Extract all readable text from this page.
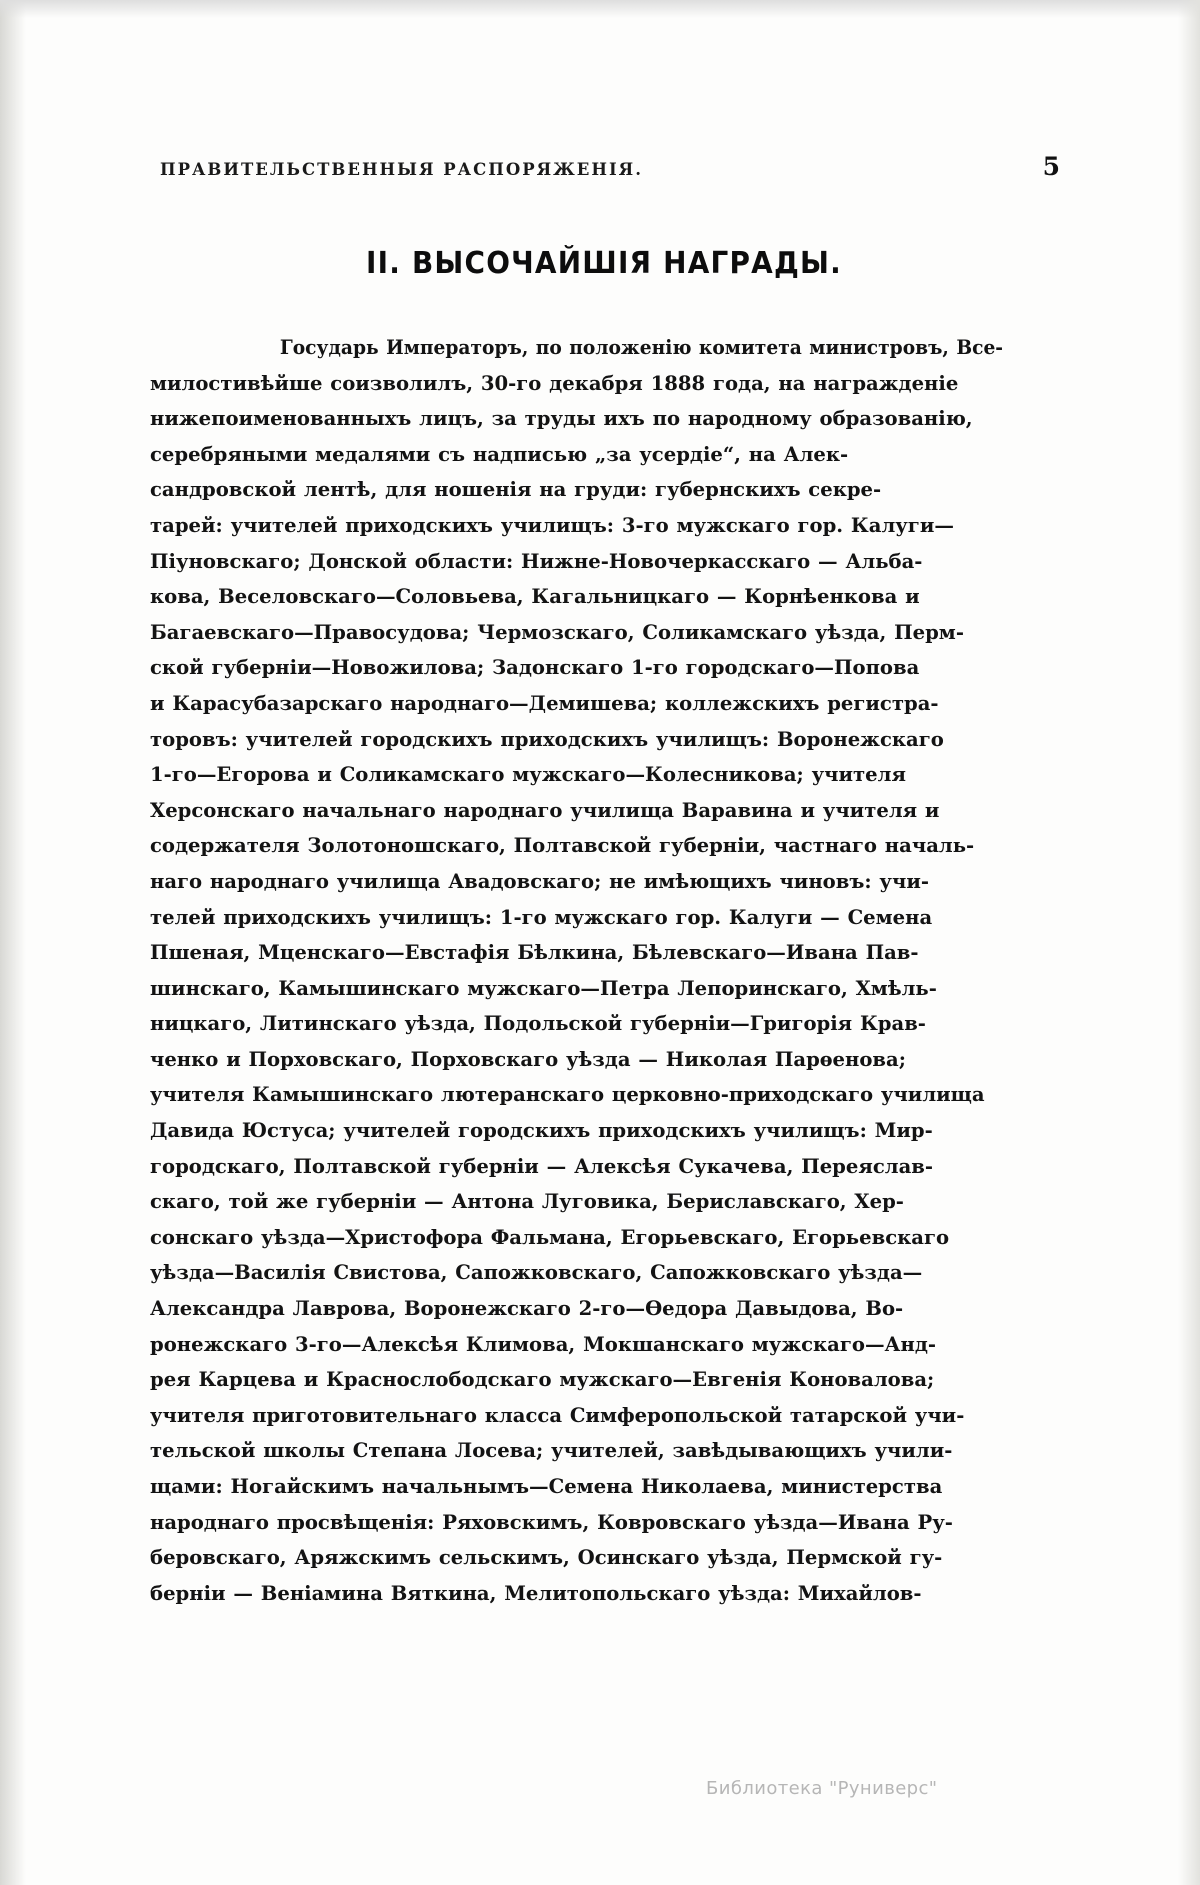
ПРАВИТЕЛЬСТВЕННЫЯ РАСПОРЯЖЕНІЯ.	5
II. ВЫСОЧАЙШІЯ НАГРАДЫ.
Государь Императоръ, по положенію комитета министровъ, Все- милостивѣйше соизволилъ, 30-го декабря 1888 года, на награжденіе нижепоименованныхъ лицъ, за труды ихъ по народному образованію, серебряными медалями съ надписью „за усердіе“, на Алек- сандровской лентѣ, для ношенія на груди: губернскихъ секре- тарей: учителей приходскихъ училищъ: 3-го мужскаго гор. Калуги— Піуновскаго; Донской области: Нижне-Новочеркасскаго — Альба- кова, Веселовскаго—Соловьева, Кагальницкаго — Корнѣенкова и Багаевскаго—Правосудова; Чермозскаго, Соликамскаго уѣзда, Перм- ской губерніи—Новожилова; Задонскаго 1-го городскаго—Попова и Карасубазарскаго народнаго—Демишева; коллежскихъ регистра- торовъ: учителей городскихъ приходскихъ училищъ: Воронежскаго 1-го—Егорова и Соликамскаго мужскаго—Колесникова; учителя Херсонскаго начальнаго народнаго училища Варавина и учителя и содержателя Золотоношскаго, Полтавской губерніи, частнаго началь- наго народнаго училища Авадовскаго; не имѣющихъ чиновъ: учи- телей приходскихъ училищъ: 1-го мужскаго гор. Калуги — Семена Пшеная, Мценскаго—Евстафія Бѣлкина, Бѣлевскаго—Ивана Пав- шинскаго, Камышинскаго мужскаго—Петра Лепоринскаго, Хмѣль- ницкаго, Литинскаго уѣзда, Подольской губерніи—Григорія Крав- ченко и Порховскаго, Порховскаго уѣзда — Николая Парѳенова; учителя Камышинскаго лютеранскаго церковно-приходскаго училища Давида Юстуса; учителей городскихъ приходскихъ училищъ: Мир- городскаго, Полтавской губерніи — Алексѣя Сукачева, Переяслав- скаго, той же губерніи — Антона Луговика, Бериславскаго, Хер- сонскаго уѣзда—Христофора Фальмана, Егорьевскаго, Егорьевскаго уѣзда—Василія Свистова, Сапожковскаго, Сапожковскаго уѣзда— Александра Лаврова, Воронежскаго 2-го—Ѳедора Давыдова, Во- ронежскаго 3-го—Алексѣя Климова, Мокшанскаго мужскаго—Анд- рея Карцева и Краснослободскаго мужскаго—Евгенія Коновалова; учителя приготовительнаго класса Симферопольской татарской учи- тельской школы Степана Лосева; учителей, завѣдывающихъ учили- щами: Ногайскимъ начальнымъ—Семена Николаева, министерства народнаго просвѣщенія: Ряховскимъ, Ковровскаго уѣзда—Ивана Ру- беровскаго, Аряжскимъ сельскимъ, Осинскаго уѣзда, Пермской гу- берніи — Веніамина Вяткина, Мелитопольскаго уѣзда: Михайлов-
Библиотека "Руниверс"
